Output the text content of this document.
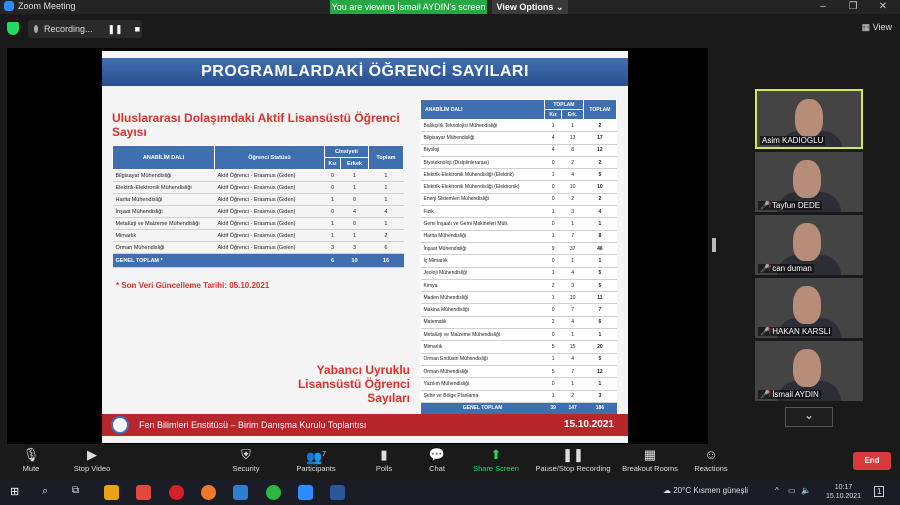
Zoom Meeting	You are viewing İsmail AYDIN's screen	View Options ⌄	–	❐	✕
Recording...	❚❚	■	▦ View
PROGRAMLARDAKİ ÖĞRENCİ SAYILARI
Uluslararası Dolaşımdaki Aktif Lisansüstü Öğrenci Sayısı
ANABİLİM DALI	Öğrenci Statüsü	Cinsiyeti		Toplam
		Kız	Erkek	
Bilgisayar Mühendisliği	Aktif Öğrenci - Erasmus (Giden)	0	1	1
Elektrik-Elektronik Mühendisliği	Aktif Öğrenci - Erasmus (Giden)	0	1	1
Harita Mühendisliği	Aktif Öğrenci - Erasmus (Giden)	1	0	1
İnşaat Mühendisliği	Aktif Öğrenci - Erasmus (Giden)	0	4	4
Metalürji ve Malzeme Mühendisliği	Aktif Öğrenci - Erasmus (Giden)	1	0	1
Mimarlık	Aktif Öğrenci - Erasmus (Giden)	1	1	2
Orman Mühendisliği	Aktif Öğrenci - Erasmus (Gelen)	3	3	6
GENEL TOPLAM *		6	10	16
* Son Veri Güncelleme Tarihi: 05.10.2021
Yabancı Uyruklu Lisansüstü Öğrenci Sayıları
ANABİLİM DALI	TOPLAM		TOPLAM
	Kız	Erk.	
Balıkçılık Teknolojisi Mühendisliği	1	1	2
Bilgisayar Mühendisliği	4	13	17
Biyoloji	4	8	12
Biyoteknoloji (Disiplinlerarası)	0	2	2
Elektrik-Elektronik Mühendisliği (Elektrik)	1	4	5
Elektrik-Elektronik Mühendisliği (Elektronik)	0	10	10
Enerji Sistemleri Mühendisliği	0	2	2
Fizik	1	3	4
Gemi İnşaatı ve Gemi Makineleri Müh.	0	1	1
Harita Mühendisliği	1	7	8
İnşaat Mühendisliği	9	37	46
İç Mimarlık	0	1	1
Jeoloji Mühendisliği	1	4	5
Kimya	2	3	5
Maden Mühendisliği	1	10	11
Makina Mühendisliği	0	7	7
Matematik	2	4	6
Metalürji ve Malzeme Mühendisliği	0	1	1
Mimarlık	5	15	20
Orman Endüstri Mühendisliği	1	4	5
Orman Mühendisliği	5	7	12
Yazılım Mühendisliği	0	1	1
Şehir ve Bölge Planlama	1	2	3
GENEL TOPLAM	39	147	186
Fen Bilimleri Enstitüsü – Birim Danışma Kurulu Toplantısı	15.10.2021
Asim KADIOGLU
🎤̸ Tayfun DEDE
🎤̸ can duman
🎤̸ HAKAN KARSLI
🎤̸ İsmail AYDIN
⌄
🎙
Mute
▶
Stop Video
⛨
Security
👥$^7$
Participants
▮
Polls
💬
Chat
⬆
Share Screen
❚❚
Pause/Stop Recording
▦
Breakout Rooms
☺
Reactions
End
⊞	⌕	⧉	☁ 20°C Kısmen güneşli	^ ▭ 🔈	10:17
15.10.2021
1
